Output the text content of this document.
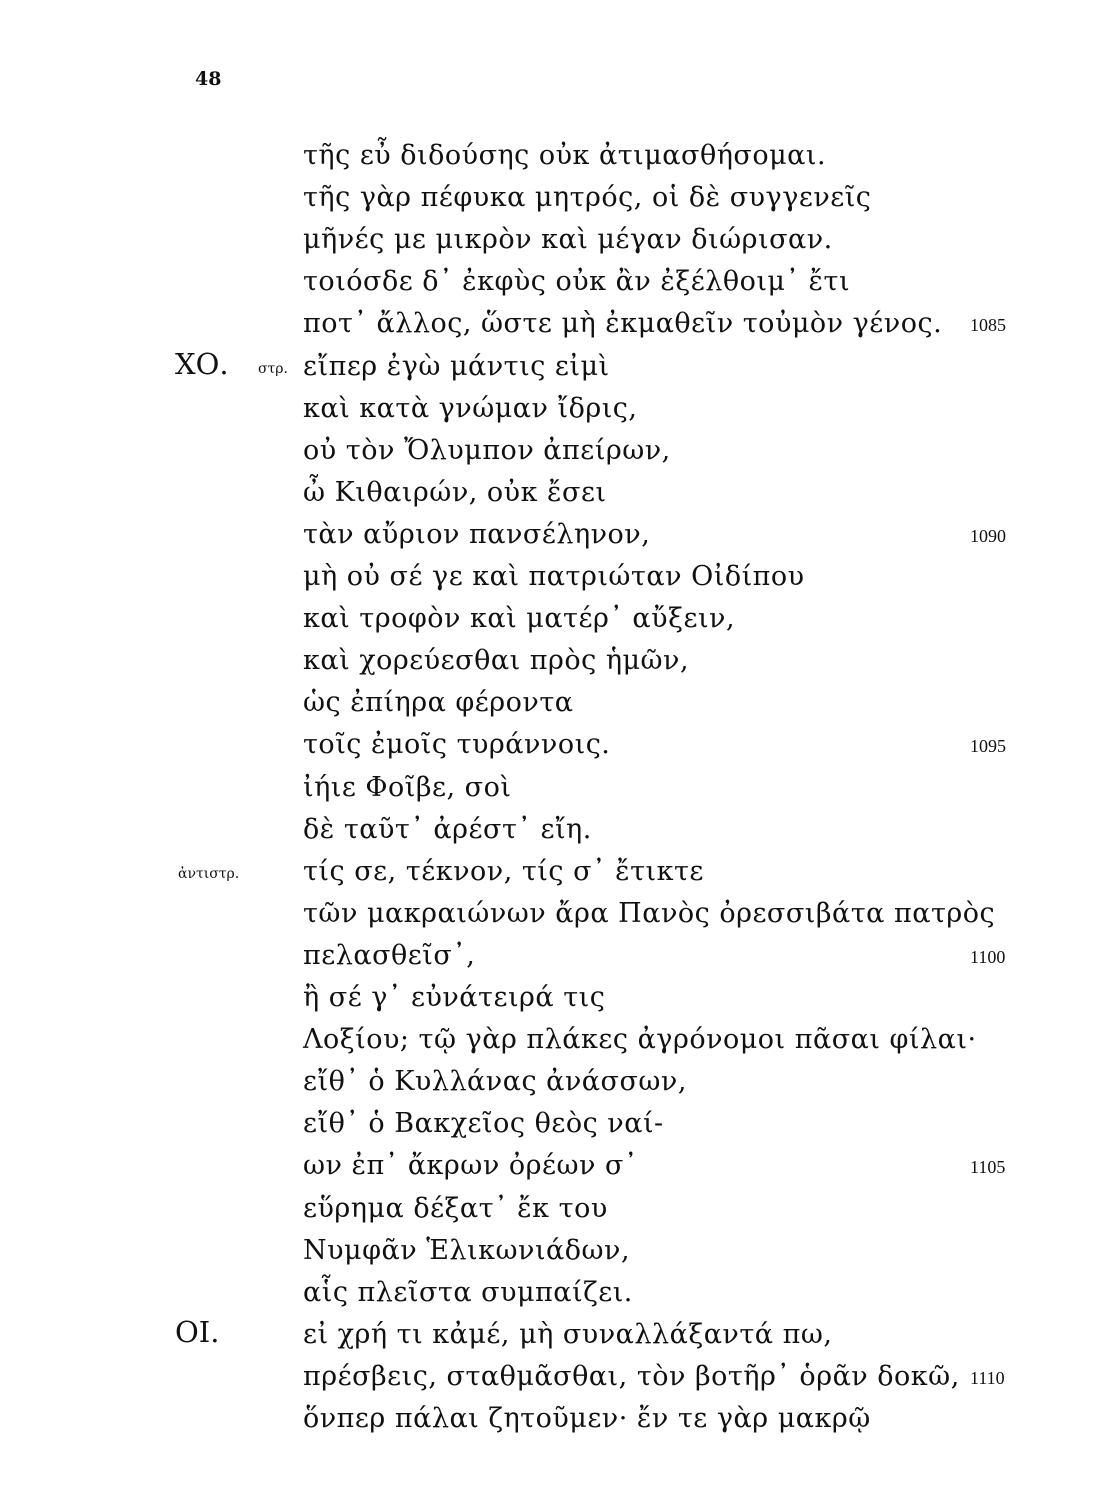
48
τῆς εὖ διδούσης οὐκ ἀτιμασθήσομαι.
τῆς γὰρ πέφυκα μητρός, οἱ δὲ συγγενεῖς
μῆνές με μικρὸν καὶ μέγαν διώρισαν.
τοιόσδε δ᾽ ἐκφὺς οὐκ ἂν ἐξέλθοιμ᾽ ἔτι
ποτ᾽ ἄλλος, ὥστε μὴ ἐκμαθεῖν τοὐμὸν γένος. 1085
εἴπερ ἐγὼ μάντις εἰμὶ
ΧΟ. στρ.
καὶ κατὰ γνώμαν ἴδρις,
οὐ τὸν Ὄλυμπον ἀπείρων,
ὦ Κιθαιρών, οὐκ ἔσει
τὰν αὔριον πανσέληνον,	1090
μὴ οὐ σέ γε καὶ πατριώταν Οἰδίπου
καὶ τροφὸν καὶ ματέρ᾽ αὔξειν,
καὶ χορεύεσθαι πρὸς ἡμῶν,
ὡς ἐπίηρα φέροντα
τοῖς ἐμοῖς τυράννοις.	1095
ἰήιε Φοῖβε, σοὶ
δὲ ταῦτ᾽ ἀρέστ᾽ εἴη.
τίς σε, τέκνον, τίς σ᾽ ἔτικτε
ἀντιστρ.
τῶν μακραιώνων ἄρα Πανὸς ὀρεσσιβάτα πατρὸς
πελασθεῖσ᾽,	1100
ἢ σέ γ᾽ εὐνάτειρά τις
Λοξίου; τῷ γὰρ πλάκες ἀγρόνομοι πᾶσαι φίλαι·
εἴθ᾽ ὁ Κυλλάνας ἀνάσσων,
εἴθ᾽ ὁ Βακχεῖος θεὸς ναί-
ων ἐπ᾽ ἄκρων ὀρέων σ᾽	1105
εὕρημα δέξατ᾽ ἔκ του
Νυμφᾶν Ἑλικωνιάδων,
αἷς πλεῖστα συμπαίζει.
εἰ χρή τι κἀμέ, μὴ συναλλάξαντά πω,
ΟΙ.
πρέσβεις, σταθμᾶσθαι, τὸν βοτῆρ᾽ ὁρᾶν δοκῶ, 1110
ὅνπερ πάλαι ζητοῦμεν· ἔν τε γὰρ μακρῷ
